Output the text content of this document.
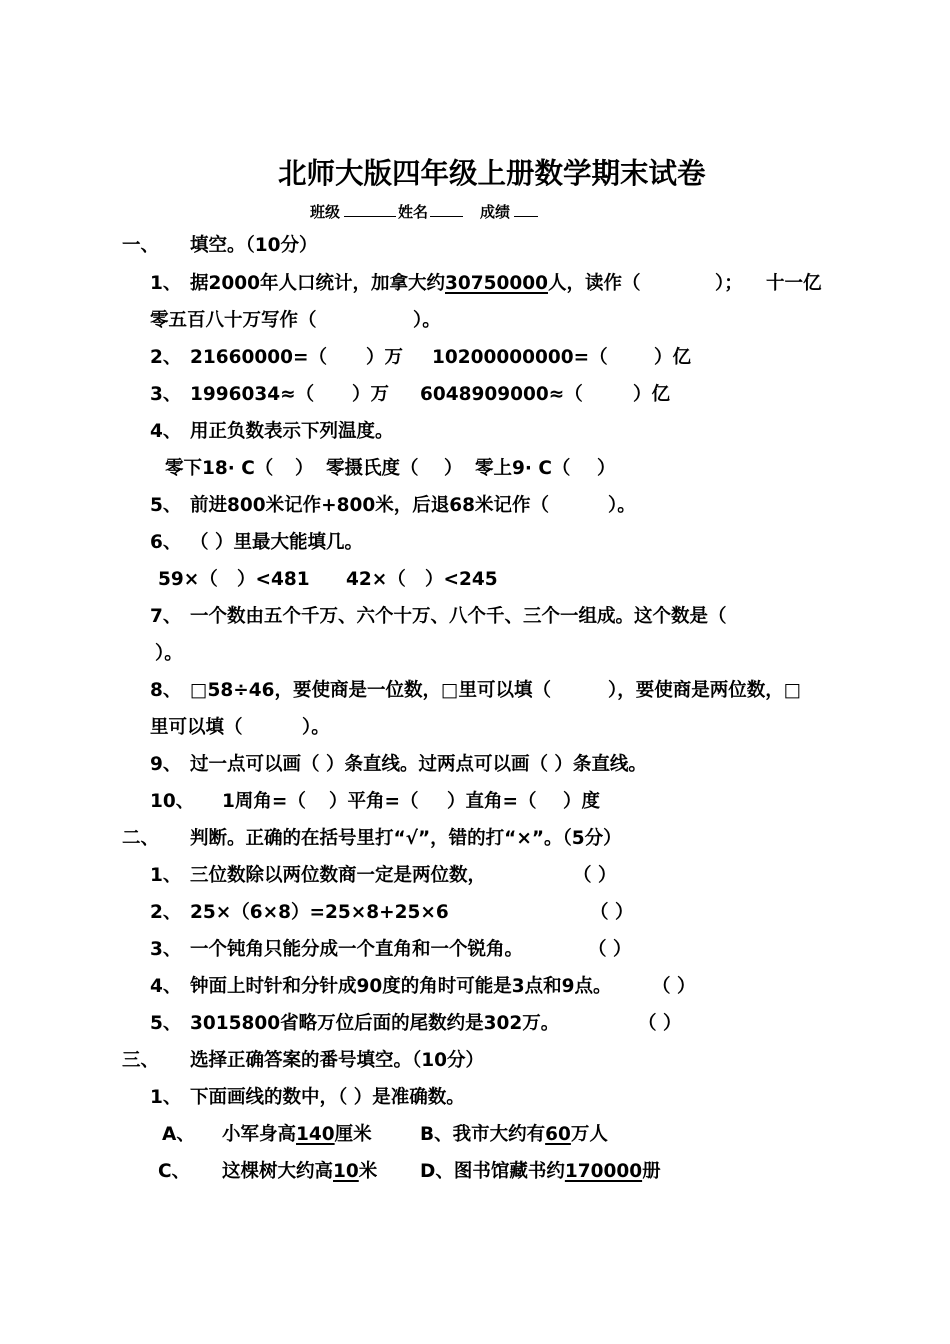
北师大版四年级上册数学期末试卷
班级	姓名	成绩
一、 填空。（10分）
1、 据2000年人口统计，加拿大约30750000人，读作（	）； 十一亿
零五百八十万写作（	）。
2、 21660000=（ ）万 10200000000=（	）亿
3、 1996034≈（ ）万 6048909000≈（	）亿
4、 用正负数表示下列温度。
零下18· C（ ） 零摄氏度（ ） 零上9· C（ ）
5、 前进800米记作+800米，后退68米记作（	）。
6、 （ ）里最大能填几。
59×（ ）<481 42×（ ）<245
7、 一个数由五个千万、六个十万、八个千、三个一组成。这个数是（
）。
8、 □58÷46，要使商是一位数，□里可以填（	），要使商是两位数，□
里可以填（	）。
9、 过一点可以画（ ）条直线。过两点可以画（ ）条直线。
10、 1周角=（ ）平角=（ ）直角=（ ）度
二、 判断。正确的在括号里打“√”，错的打“×”。（5分）
1、 三位数除以两位数商一定是两位数，	（ ）
2、 25×（6×8）=25×8+25×6	（ ）
3、 一个钝角只能分成一个直角和一个锐角。	（ ）
4、 钟面上时针和分针成90度的角时可能是3点和9点。 （ ）
5、 3015800省略万位后面的尾数约是302万。	（ ）
三、 选择正确答案的番号填空。（10分）
1、 下面画线的数中，（ ）是准确数。
A、 小军身高140厘米	B、我市大约有60万人
C、 这棵树大约高10米 D、图书馆藏书约170000册
